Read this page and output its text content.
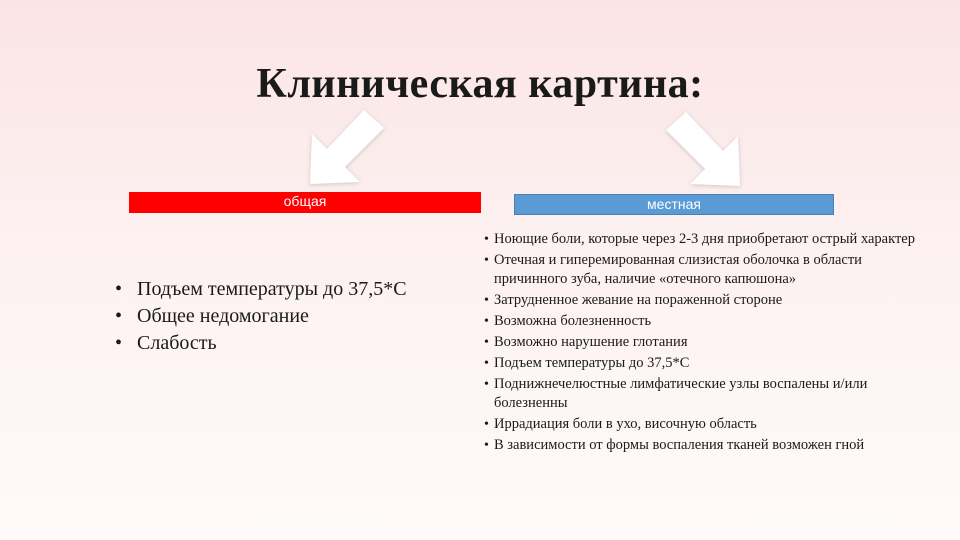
Клиническая картина:
общая	местная
• Подъем температуры до 37,5*С
• Общее недомогание
• Слабость
• Ноющие боли, которые через 2-3 дня приобретают острый характер
• Отечная и гиперемированная слизистая оболочка в области причинного зуба, наличие «отечного капюшона»
• Затрудненное жевание на пораженной стороне
• Возможна болезненность
• Возможно нарушение глотания
• Подъем температуры до 37,5*С
• Поднижнечелюстные лимфатические узлы воспалены и/или болезненны
• Иррадиация боли в ухо, височную область
• В зависимости от формы воспаления тканей возможен гной
